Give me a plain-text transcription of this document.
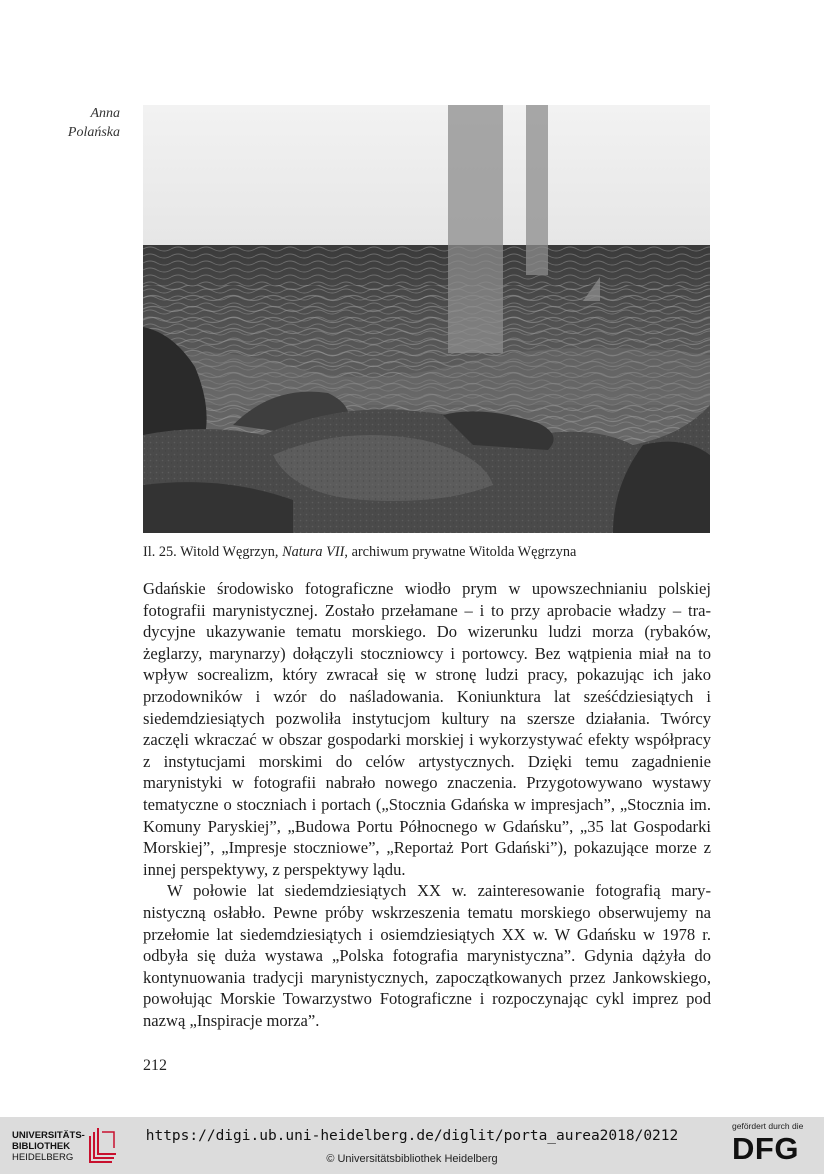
Anna
Polańska
Il. 25. Witold Węgrzyn, Natura VII, archiwum prywatne Witolda Węgrzyna

Gdańskie środowisko fotograficzne wiodło prym w upowszechnianiu polskiej fotografii marynistycznej. Zostało przełamane – i to przy aprobacie władzy – tradycyjne ukazywanie tematu morskiego. Do wizerunku ludzi morza (rybaków, żeglarzy, marynarzy) dołączyli stoczniowcy i portowcy. Bez wątpienia miał na to wpływ socrealizm, który zwracał się w stronę ludzi pracy, pokazując ich jako przodowników i wzór do naśladowania. Koniunktura lat sześćdziesiątych i siedemdziesiątych pozwoliła instytucjom kultury na szersze działania. Twórcy zaczęli wkraczać w obszar gospodarki morskiej i wykorzystywać efekty współpracy z instytucjami morskimi do celów artystycznych. Dzięki temu zagadnienie marynistyki w fotografii nabrało nowego znaczenia. Przygotowywano wystawy tematyczne o stoczniach i portach („Stocznia Gdańska w impresjach”, „Stocznia im. Komuny Paryskiej”, „Budowa Portu Północnego w Gdańsku”, „35 lat Gospodarki Morskiej”, „Impresje stoczniowe”, „Reportaż Port Gdański”), pokazujące morze z innej perspektywy, z perspektywy lądu.

W połowie lat siedemdziesiątych XX w. zainteresowanie fotografią marynistyczną osłabło. Pewne próby wskrzeszenia tematu morskiego obserwujemy na przełomie lat siedemdziesiątych i osiemdziesiątych XX w. W Gdańsku w 1978 r. odbyła się duża wystawa „Polska fotografia marynistyczna”. Gdynia dążyła do kontynuowania tradycji marynistycznych, zapoczątkowanych przez Jankowskiego, powołując Morskie Towarzystwo Fotograficzne i rozpoczynając cykl imprez pod nazwą „Inspiracje morza”.

212
UNIVERSITÄTS-
BIBLIOTHEK
HEIDELBERG
https://digi.ub.uni-heidelberg.de/diglit/porta_aurea2018/0212
© Universitätsbibliothek Heidelberg
gefördert durch die
DFG
